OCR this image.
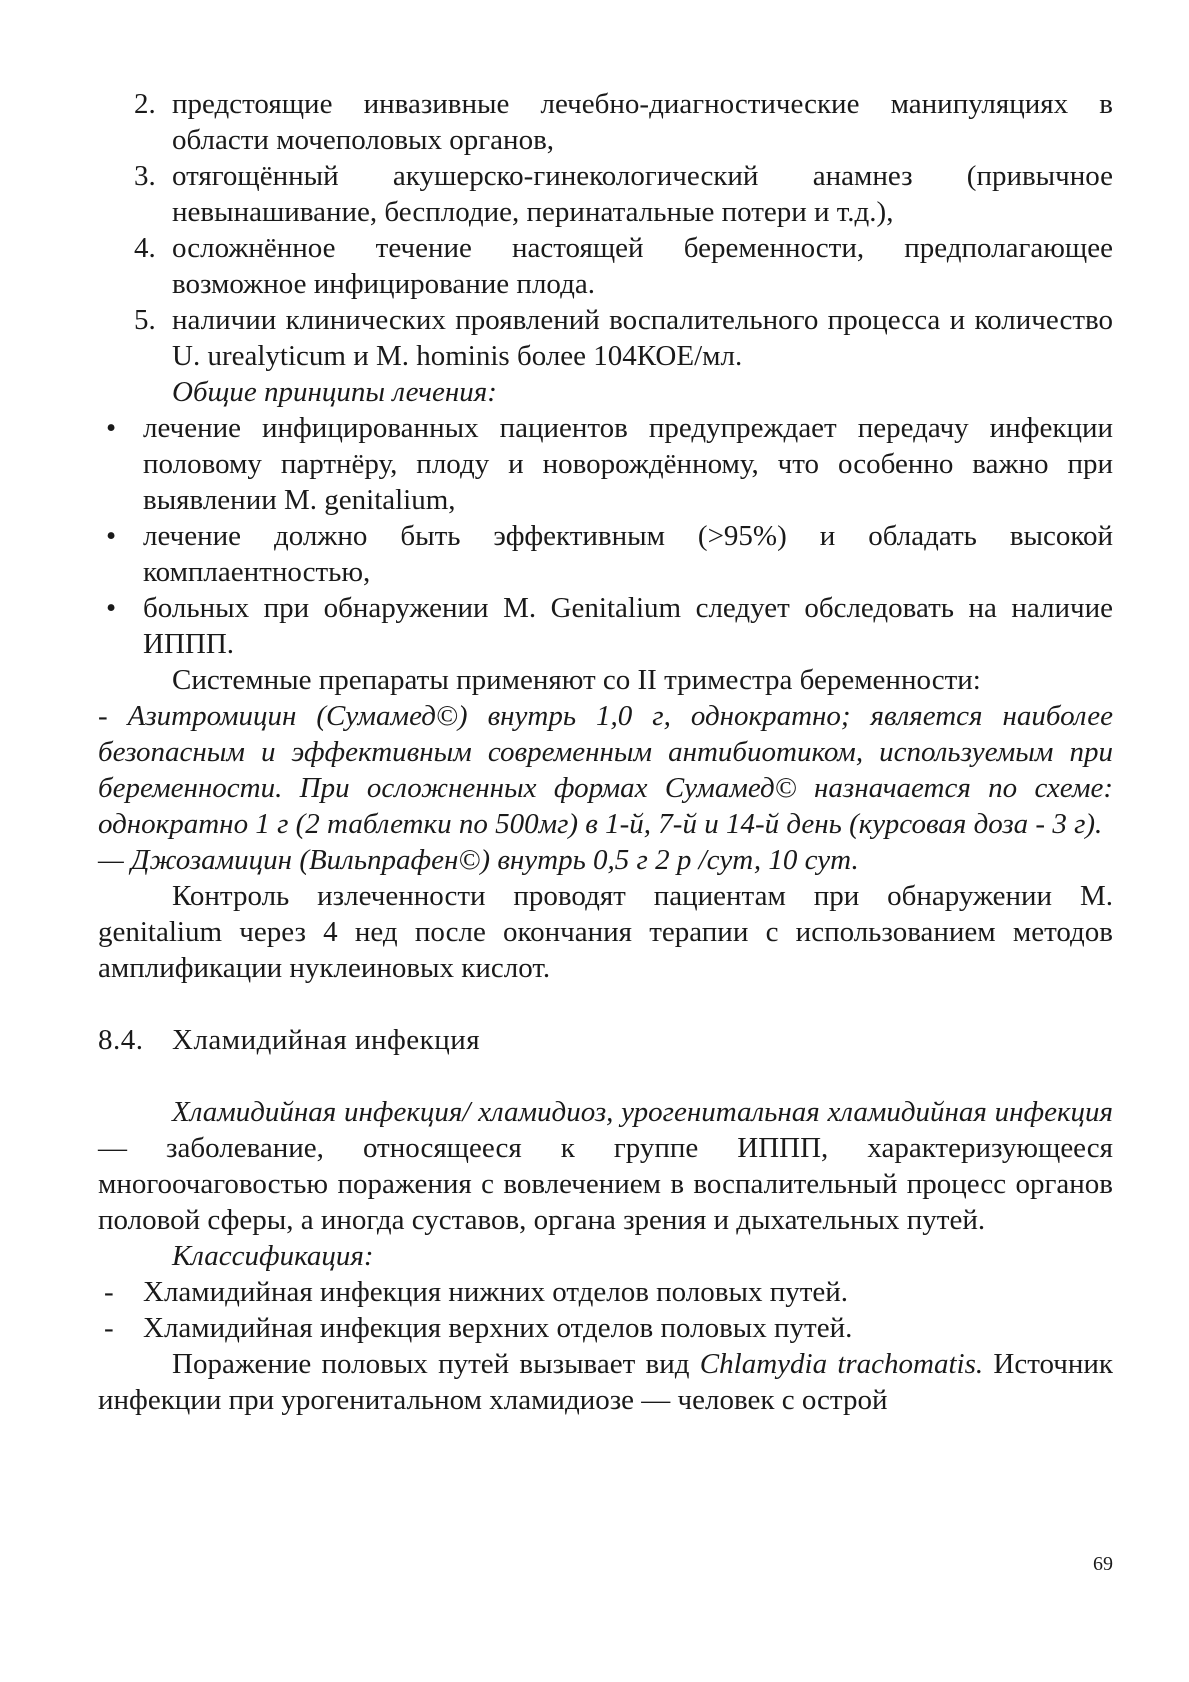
2. предстоящие инвазивные лечебно-диагностические манипуляциях в области мочеполовых органов,

3. отягощённый акушерско-гинекологический анамнез (привычное невынашивание, бесплодие, перинатальные потери и т.д.),

4. осложнённое течение настоящей беременности, предполагающее возможное инфицирование плода.

5. наличии клинических проявлений воспалительного процесса и количество U. urealyticum и M. hominis более 104КОЕ/мл.

Общие принципы лечения:

• лечение инфицированных пациентов предупреждает передачу инфекции половому партнёру, плоду и новорождённому, что особенно важно при выявлении M. genitalium,

• лечение должно быть эффективным (>95%) и обладать высокой комплаентностью,

• больных при обнаружении M. Genitalium следует обследовать на наличие ИППП.

Системные препараты применяют со II триместра беременности:

- Азитромицин (Сумамед©) внутрь 1,0 г, однократно; является наиболее безопасным и эффективным современным антибиотиком, используемым при беременности. При осложненных формах Сумамед© назначается по схеме: однократно 1 г (2 таблетки по 500мг) в 1-й, 7-й и 14-й день (курсовая доза - 3 г).

— Джозамицин (Вильпрафен©) внутрь 0,5 г 2 р /сут, 10 сут.

Контроль излеченности проводят пациентам при обнаружении M. genitalium через 4 нед после окончания терапии с использованием методов амплификации нуклеиновых кислот.

8.4. Хламидийная инфекция

Хламидийная инфекция/ хламидиоз, урогенитальная хламидийная инфекция — заболевание, относящееся к группе ИППП, характеризующееся многоочаговостью поражения с вовлечением в воспалительный процесс органов половой сферы, а иногда суставов, органа зрения и дыхательных путей.

Классификация:

- Хламидийная инфекция нижних отделов половых путей.

- Хламидийная инфекция верхних отделов половых путей.

Поражение половых путей вызывает вид Chlamydia trachomatis. Источник инфекции при урогенитальном хламидиозе — человек с острой

69
